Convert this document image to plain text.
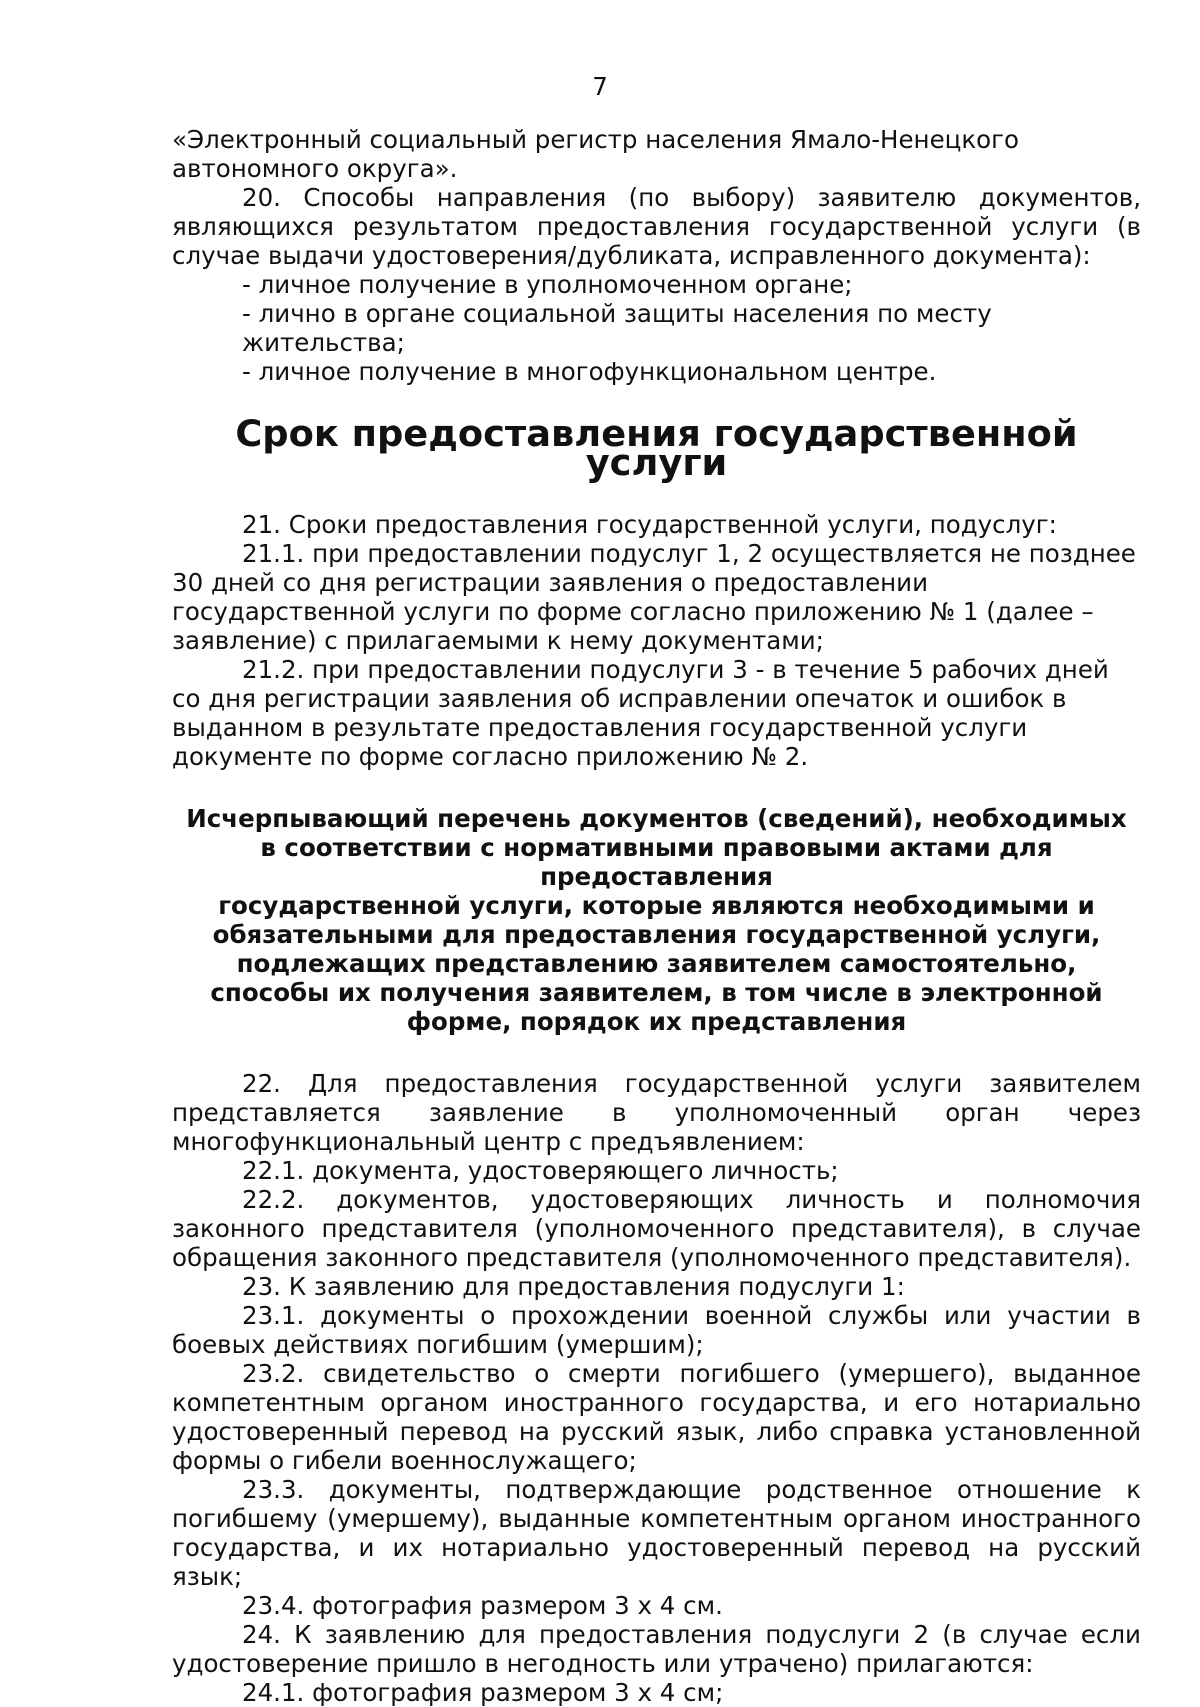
7

«Электронный социальный регистр населения Ямало-Ненецкого автономного округа».

20. Способы направления (по выбору) заявителю документов, являющихся результатом предоставления государственной услуги (в случае выдачи удостоверения/дубликата, исправленного документа):

- личное получение в уполномоченном органе;

- лично в органе социальной защиты населения по месту жительства;

- личное получение в многофункциональном центре.

Срок предоставления государственной услуги

21. Сроки предоставления государственной услуги, подуслуг:

21.1. при предоставлении подуслуг 1, 2 осуществляется не позднее 30 дней со дня регистрации заявления о предоставлении государственной услуги по форме согласно приложению № 1 (далее – заявление) с прилагаемыми к нему документами;

21.2. при предоставлении подуслуги 3 - в течение 5 рабочих дней со дня регистрации заявления об исправлении опечаток и ошибок в выданном в результате предоставления государственной услуги документе по форме согласно приложению № 2.

Исчерпывающий перечень документов (сведений), необходимых

в соответствии с нормативными правовыми актами для предоставления

государственной услуги, которые являются необходимыми и

обязательными для предоставления государственной услуги,

подлежащих представлению заявителем самостоятельно,

способы их получения заявителем, в том числе в электронной

форме, порядок их представления

22. Для предоставления государственной услуги заявителем представляется заявление в уполномоченный орган через многофункциональный центр с предъявлением:

22.1. документа, удостоверяющего личность;

22.2. документов, удостоверяющих личность и полномочия законного представителя (уполномоченного представителя), в случае обращения законного представителя (уполномоченного представителя).

23. К заявлению для предоставления подуслуги 1:

23.1. документы о прохождении военной службы или участии в боевых действиях погибшим (умершим);

23.2. свидетельство о смерти погибшего (умершего), выданное компетентным органом иностранного государства, и его нотариально удостоверенный перевод на русский язык, либо справка установленной формы о гибели военнослужащего;

23.3. документы, подтверждающие родственное отношение к погибшему (умершему), выданные компетентным органом иностранного государства, и их нотариально удостоверенный перевод на русский язык;

23.4. фотография размером 3 х 4 см.

24. К заявлению для предоставления подуслуги 2 (в случае если удостоверение пришло в негодность или утрачено) прилагаются:

24.1. фотография размером 3 х 4 см;
